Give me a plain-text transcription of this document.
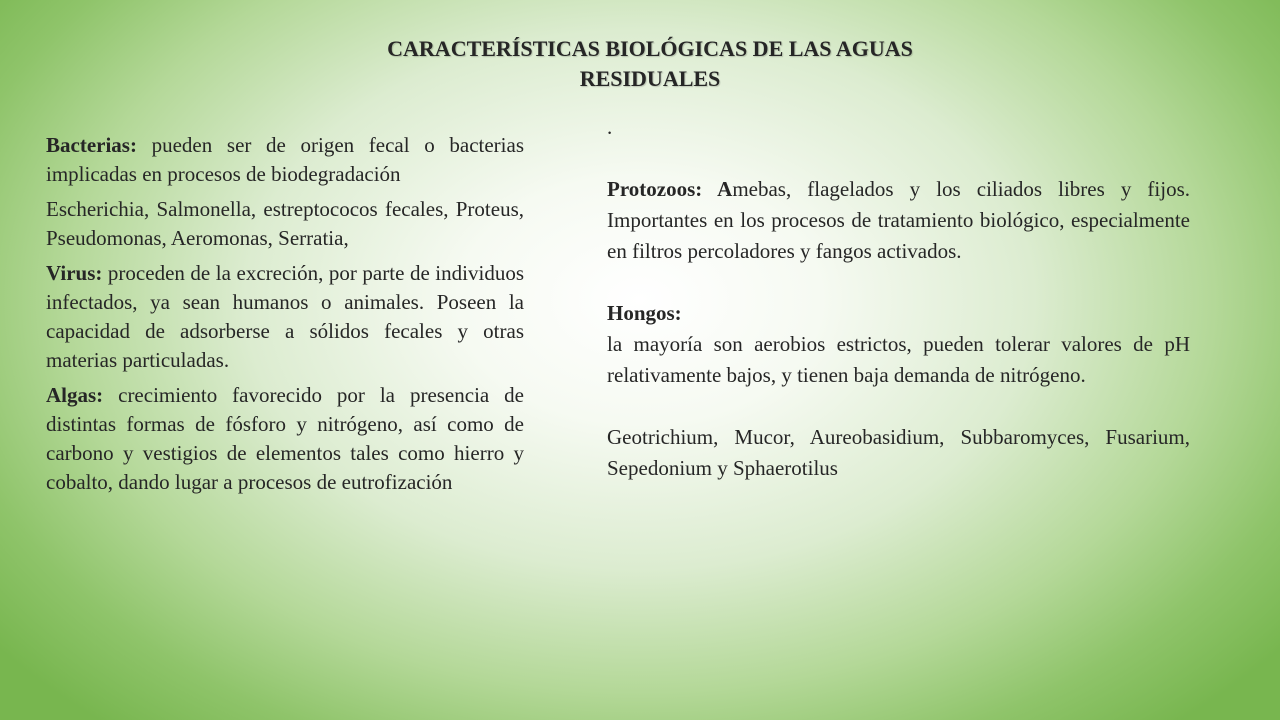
CARACTERÍSTICAS BIOLÓGICAS DE LAS AGUAS
RESIDUALES

Bacterias: pueden ser de origen fecal o bacterias implicadas en procesos de biodegradación

Escherichia, Salmonella, estreptococos fecales, Proteus, Pseudomonas, Aeromonas, Serratia,

Virus: proceden de la excreción, por parte de individuos infectados, ya sean humanos o animales. Poseen la capacidad de adsorberse a sólidos fecales y otras materias particuladas.

Algas: crecimiento favorecido por la presencia de distintas formas de fósforo y nitrógeno, así como de carbono y vestigios de elementos tales como hierro y cobalto, dando lugar a procesos de eutrofización

.

Protozoos: Amebas, flagelados y los ciliados libres y fijos. Importantes en los procesos de tratamiento biológico, especialmente en filtros percoladores y fangos activados.

Hongos:

la mayoría son aerobios estrictos, pueden tolerar valores de pH relativamente bajos, y tienen baja demanda de nitrógeno.

Geotrichium, Mucor, Aureobasidium, Subbaromyces, Fusarium, Sepedonium y Sphaerotilus
